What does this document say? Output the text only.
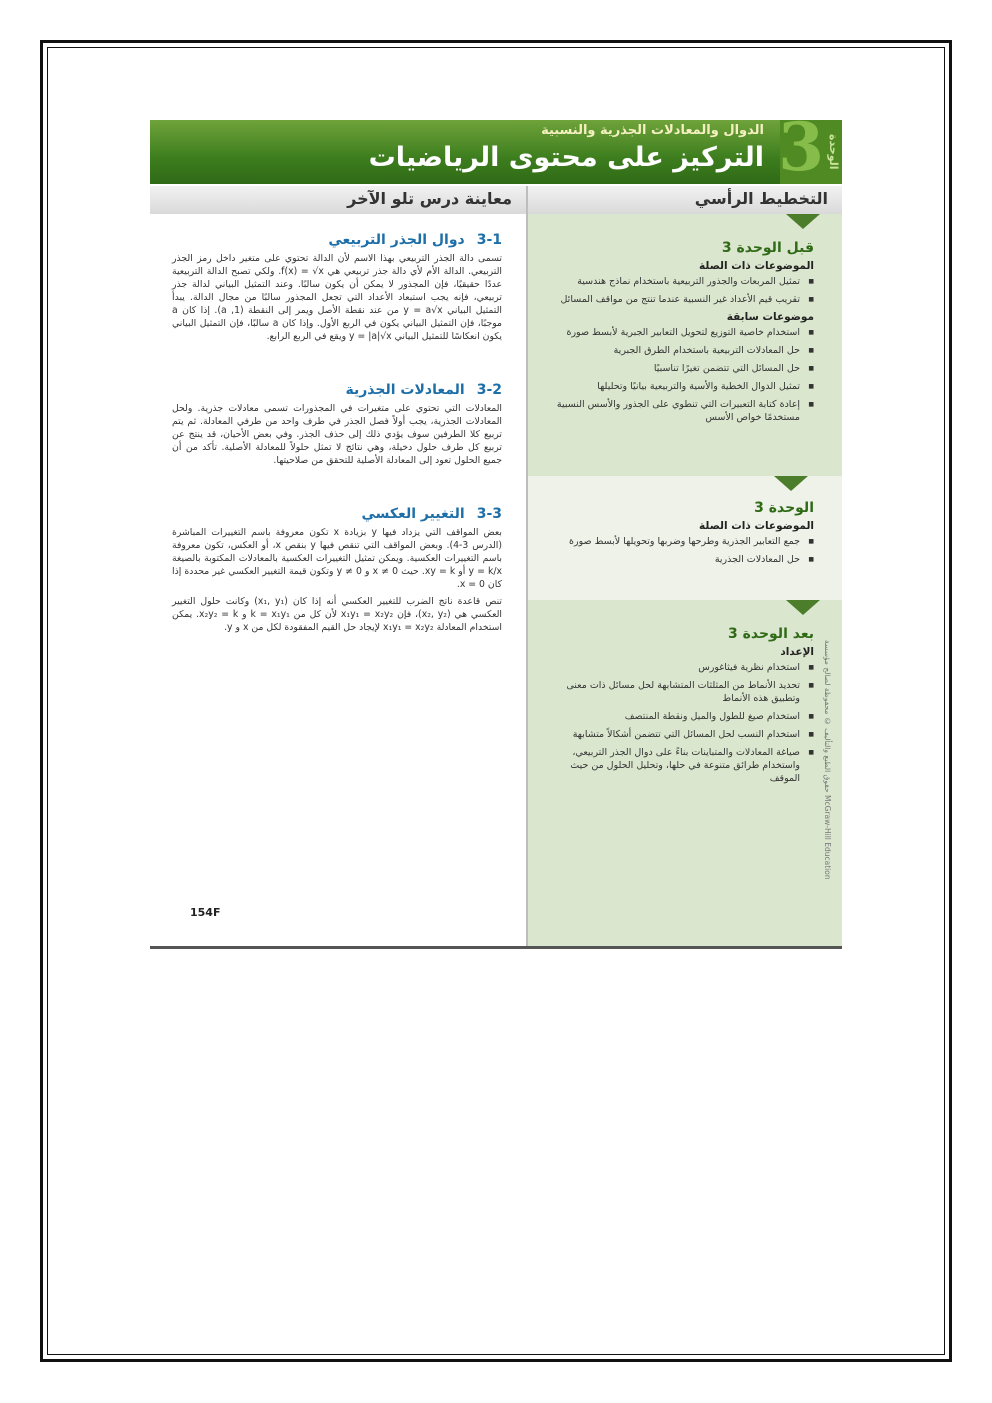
3 الوحدة
الدوال والمعادلات الجذرية والنسبية
التركيز على محتوى الرياضيات
معاينة درس تلو الآخر	التخطيط الرأسي
قبل الوحدة 3
الموضوعات ذات الصلة
■ تمثيل المربعات والجذور التربيعية باستخدام نماذج هندسية
■ تقريب قيم الأعداد غير النسبية عندما تنتج من مواقف المسائل
موضوعات سابقة
■ استخدام خاصية التوزيع لتحويل التعابير الجبرية لأبسط صورة
■ حل المعادلات التربيعية باستخدام الطرق الجبرية
■ حل المسائل التي تتضمن تغيرًا تناسبيًا
■ تمثيل الدوال الخطية والأسية والتربيعية بيانيًا وتحليلها
■ إعادة كتابة التعبيرات التي تنطوي على الجذور والأسس النسبية مستخدمًا خواص الأسس
الوحدة 3
الموضوعات ذات الصلة
■ جمع التعابير الجذرية وطرحها وضربها وتحويلها لأبسط صورة
■ حل المعادلات الجذرية
بعد الوحدة 3
الإعداد
■ استخدام نظرية فيثاغورس
■ تحديد الأنماط من المثلثات المتشابهة لحل مسائل ذات معنى وتطبيق هذه الأنماط
■ استخدام صيغ للطول والميل ونقطة المنتصف
■ استخدام النسب لحل المسائل التي تتضمن أشكالاً متشابهة
■ صياغة المعادلات والمتباينات بناءً على دوال الجذر التربيعي، واستخدام طرائق متنوعة في حلها، وتحليل الحلول من حيث الموقف	حقوق الطبع والتأليف © محفوظة لصالح مؤسسة McGraw-Hill Education
3-1دوال الجذر التربيعي

تسمى دالة الجذر التربيعي بهذا الاسم لأن الدالة تحتوي على متغير داخل رمز الجذر التربيعي. الدالة الأم لأي دالة جذر تربيعي هي f(x) = √x. ولكي تصبح الدالة التربيعية عددًا حقيقيًا، فإن المجذور لا يمكن أن يكون سالبًا. وعند التمثيل البياني لدالة جذر تربيعي، فإنه يجب استبعاد الأعداد التي تجعل المجذور سالبًا من مجال الدالة. يبدأ التمثيل البياني y = a√x من عند نقطة الأصل ويمر إلى النقطة (1, a). إذا كان a موجبًا، فإن التمثيل البياني يكون في الربع الأول. وإذا كان a سالبًا، فإن التمثيل البياني يكون انعكاسًا للتمثيل البياني y = |a|√x ويقع في الربع الرابع.

3-2المعادلات الجذرية

المعادلات التي تحتوي على متغيرات في المجذورات تسمى معادلات جذرية. ولحل المعادلات الجذرية، يجب أولاً فصل الجذر في طرف واحد من طرفي المعادلة. ثم يتم تربيع كلا الطرفين سوف يؤدي ذلك إلى حذف الجذر. وفي بعض الأحيان، قد ينتج عن تربيع كل طرف حلول دخيلة، وهي نتائج لا تمثل حلولاً للمعادلة الأصلية. تأكد من أن جميع الحلول تعود إلى المعادلة الأصلية للتحقق من صلاحيتها.

3-3التغيير العكسي

بعض المواقف التي يزداد فيها y بزيادة x تكون معروفة باسم التغييرات المباشرة (الدرس 3-4). وبعض المواقف التي تنقص فيها y بنقص x، أو العكس، تكون معروفة باسم التغييرات العكسية. ويمكن تمثيل التغييرات العكسية بالمعادلات المكتوبة بالصيغة y = k/x أو xy = k. حيث x ≠ 0 و y ≠ 0 وتكون قيمة التغيير العكسي غير محددة إذا كان x = 0.

تنص قاعدة ناتج الضرب للتغيير العكسي أنه إذا كان (x₁, y₁) وكانت حلول التغيير العكسي هي (x₂, y₂)، فإن x₁y₁ = x₂y₂ لأن كل من k = x₁y₁ و x₂y₂ = k. يمكن استخدام المعادلة x₁y₁ = x₂y₂ لإيجاد حل القيم المفقودة لكل من x و y.

154F
